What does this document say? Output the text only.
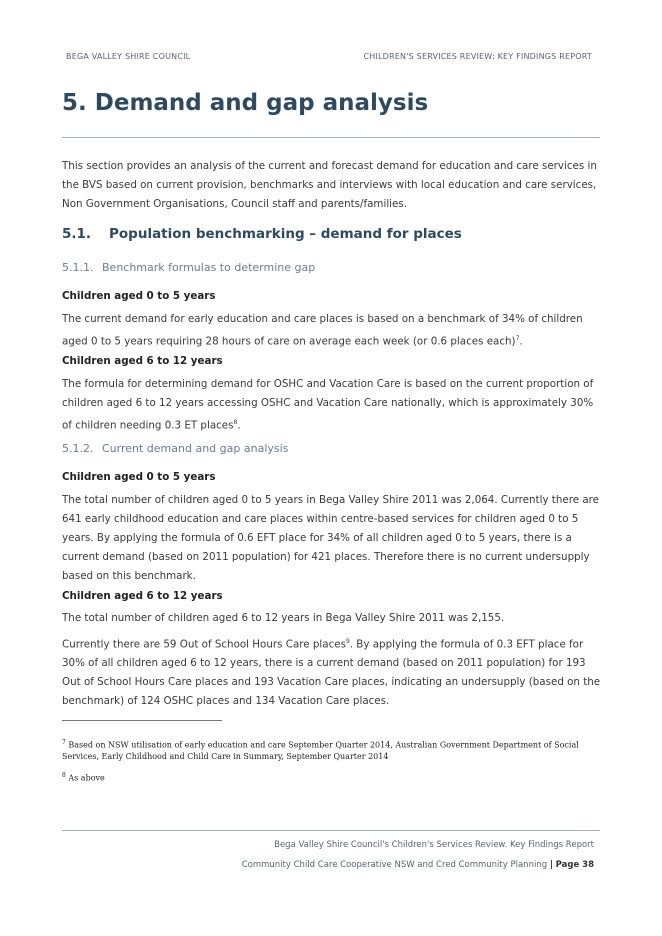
BEGA VALLEY SHIRE COUNCIL	CHILDREN'S SERVICES REVIEW: KEY FINDINGS REPORT
5. Demand and gap analysis

This section provides an analysis of the current and forecast demand for education and care services in the BVS based on current provision, benchmarks and interviews with local education and care services, Non Government Organisations, Council staff and parents/families.

5.1. Population benchmarking – demand for places

5.1.1. Benchmark formulas to determine gap

Children aged 0 to 5 years

The current demand for early education and care places is based on a benchmark of 34% of children aged 0 to 5 years requiring 28 hours of care on average each week (or 0.6 places each)$^7$.

Children aged 6 to 12 years

The formula for determining demand for OSHC and Vacation Care is based on the current proportion of children aged 6 to 12 years accessing OSHC and Vacation Care nationally, which is approximately 30% of children needing 0.3 ET places$^8$.

5.1.2. Current demand and gap analysis

Children aged 0 to 5 years

The total number of children aged 0 to 5 years in Bega Valley Shire 2011 was 2,064. Currently there are 641 early childhood education and care places within centre-based services for children aged 0 to 5 years. By applying the formula of 0.6 EFT place for 34% of all children aged 0 to 5 years, there is a current demand (based on 2011 population) for 421 places. Therefore there is no current undersupply based on this benchmark.

Children aged 6 to 12 years

The total number of children aged 6 to 12 years in Bega Valley Shire 2011 was 2,155.

Currently there are 59 Out of School Hours Care places$^9$. By applying the formula of 0.3 EFT place for 30% of all children aged 6 to 12 years, there is a current demand (based on 2011 population) for 193 Out of School Hours Care places and 193 Vacation Care places, indicating an undersupply (based on the benchmark) of 124 OSHC places and 134 Vacation Care places.

$^7$ Based on NSW utilisation of early education and care September Quarter 2014, Australian Government Department of Social Services, Early Childhood and Child Care in Summary, September Quarter 2014
$^8$ As above
Bega Valley Shire Council's Children's Services Review. Key Findings Report
Community Child Care Cooperative NSW and Cred Community Planning | Page 38
